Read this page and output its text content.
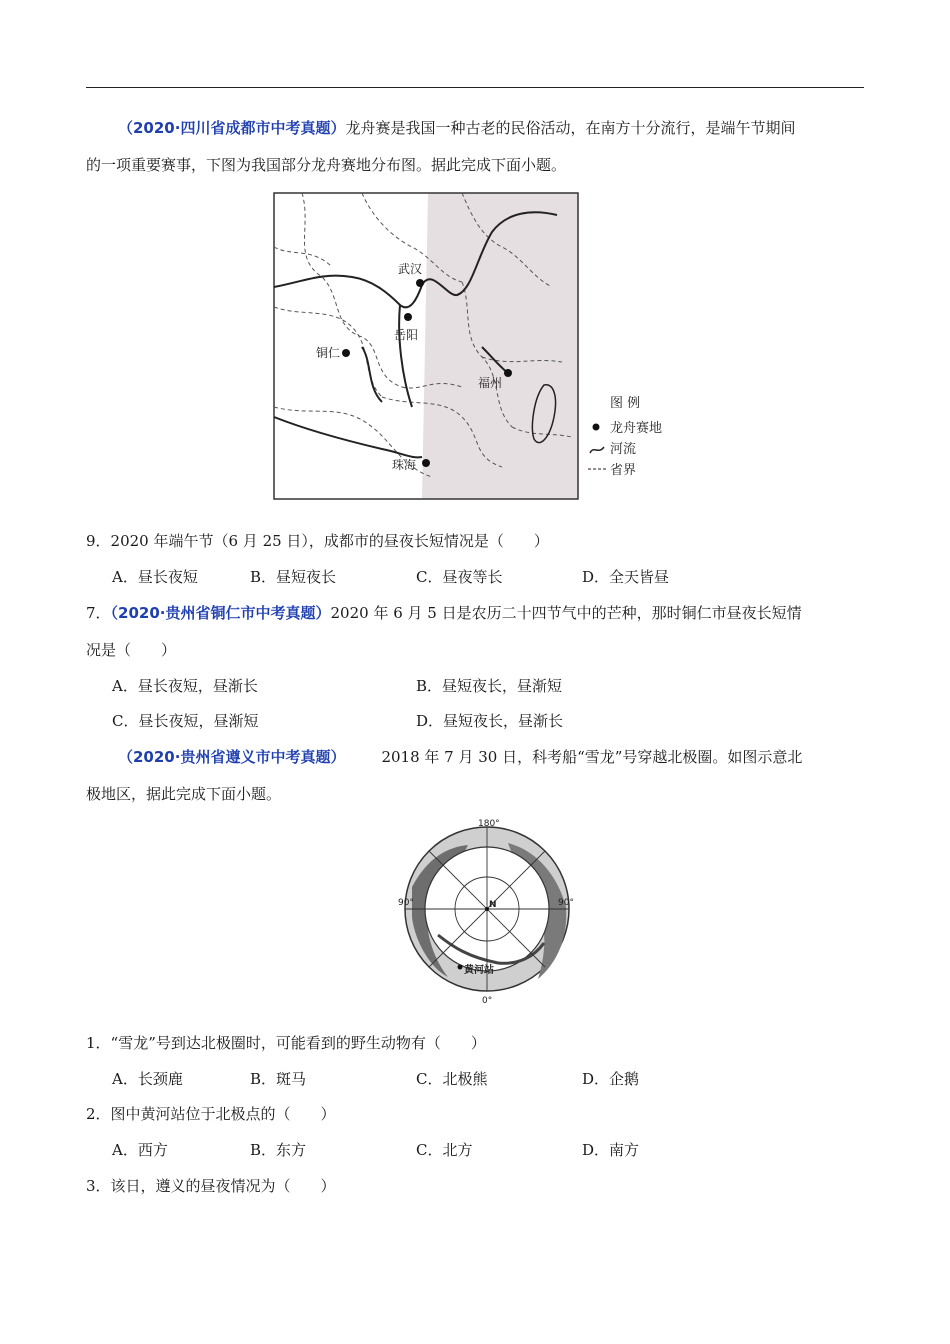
（2020·四川省成都市中考真题）龙舟赛是我国一种古老的民俗活动，在南方十分流行，是端午节期间
的一项重要赛事，下图为我国部分龙舟赛地分布图。据此完成下面小题。
武汉
岳阳
铜仁
福州
珠海
图 例
龙舟赛地
河流
省界
9．2020 年端午节（6 月 25 日），成都市的昼夜长短情况是（　　）
A．昼长夜短	B．昼短夜长	C．昼夜等长	D．全天皆昼
7．（2020·贵州省铜仁市中考真题）2020 年 6 月 5 日是农历二十四节气中的芒种，那时铜仁市昼夜长短情
况是（　　）
A．昼长夜短，昼渐长	B．昼短夜长，昼渐短
C．昼长夜短，昼渐短	D．昼短夜长，昼渐长
（2020·贵州省遵义市中考真题） 2018 年 7 月 30 日，科考船“雪龙”号穿越北极圈。如图示意北
极地区，据此完成下面小题。
180°
90°	90°
0°
N
黄河站
1．“雪龙”号到达北极圈时，可能看到的野生动物有（　　）
A．长颈鹿	B．斑马	C．北极熊	D．企鹅
2．图中黄河站位于北极点的（　　）
A．西方	B．东方	C．北方	D．南方
3．该日，遵义的昼夜情况为（　　）
